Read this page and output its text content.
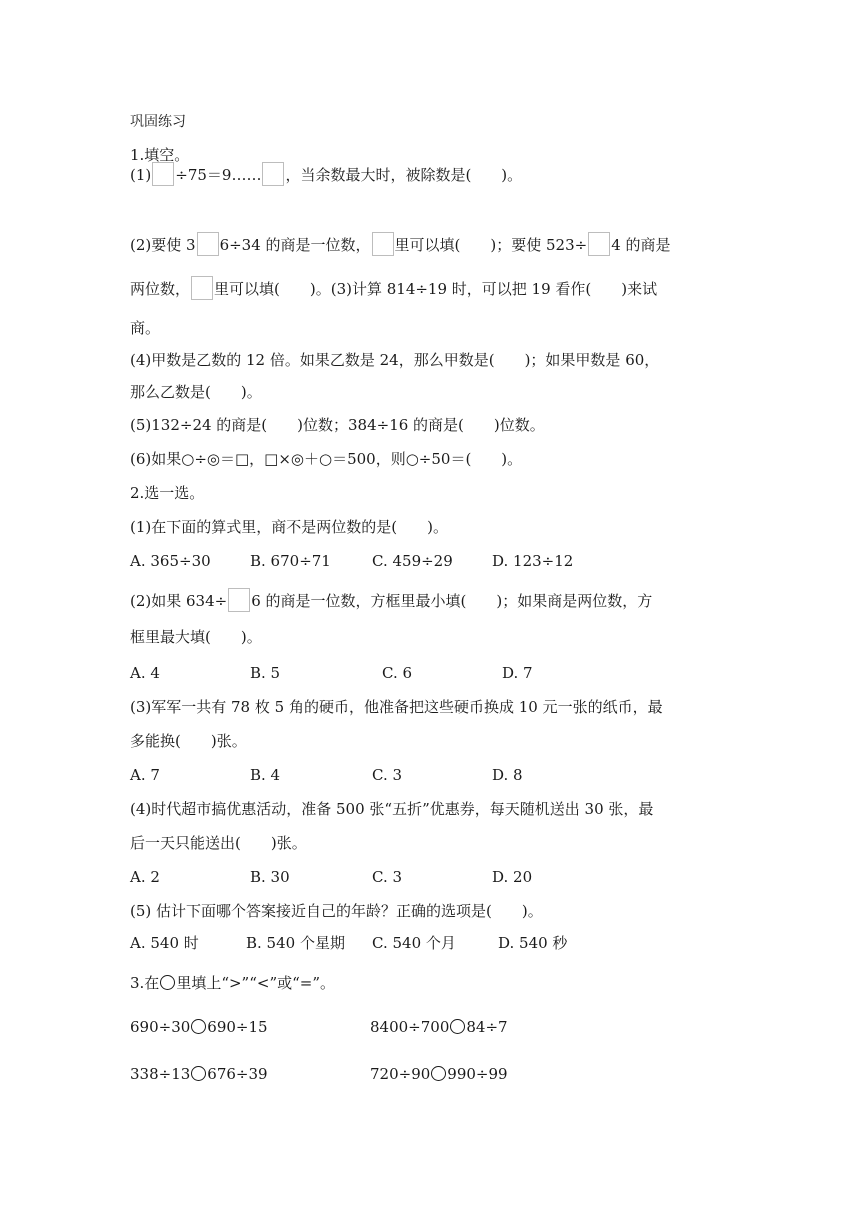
巩固练习
1.填空。
(1) ÷75＝9…… ，当余数最大时，被除数是(　　)。
(2)要使 3 6÷34 的商是一位数， 里可以填(　　)；要使 523÷ 4 的商是
两位数， 里可以填(　　)。(3)计算 814÷19 时，可以把 19 看作(　　)来试
商。
(4)甲数是乙数的 12 倍。如果乙数是 24，那么甲数是(　　)；如果甲数是 60，
那么乙数是(　　)。
(5)132÷24 的商是(　　)位数；384÷16 的商是(　　)位数。
(6)如果○÷◎＝□，□×◎＋○＝500，则○÷50＝(　　)。
2.选一选。
(1)在下面的算式里，商不是两位数的是(　　)。
A. 365÷30	B. 670÷71	C. 459÷29	D. 123÷12
(2)如果 634÷ 6 的商是一位数，方框里最小填(　　)；如果商是两位数，方
框里最大填(　　)。
A. 4	B. 5	C. 6	D. 7
(3)军军一共有 78 枚 5 角的硬币，他准备把这些硬币换成 10 元一张的纸币，最
多能换(　　)张。
A. 7	B. 4	C. 3	D. 8
(4)时代超市搞优惠活动，准备 500 张“五折”优惠券，每天随机送出 30 张，最
后一天只能送出(　　)张。
A. 2	B. 30	C. 3	D. 20
(5) 估计下面哪个答案接近自己的年龄？正确的选项是(　　)。
A. 540 时	B. 540 个星期 C. 540 个月	D. 540 秒
3.在 里填上“>”“<”或“=”。
690÷30 690÷15	8400÷700 84÷7
338÷13 676÷39	720÷90 990÷99
